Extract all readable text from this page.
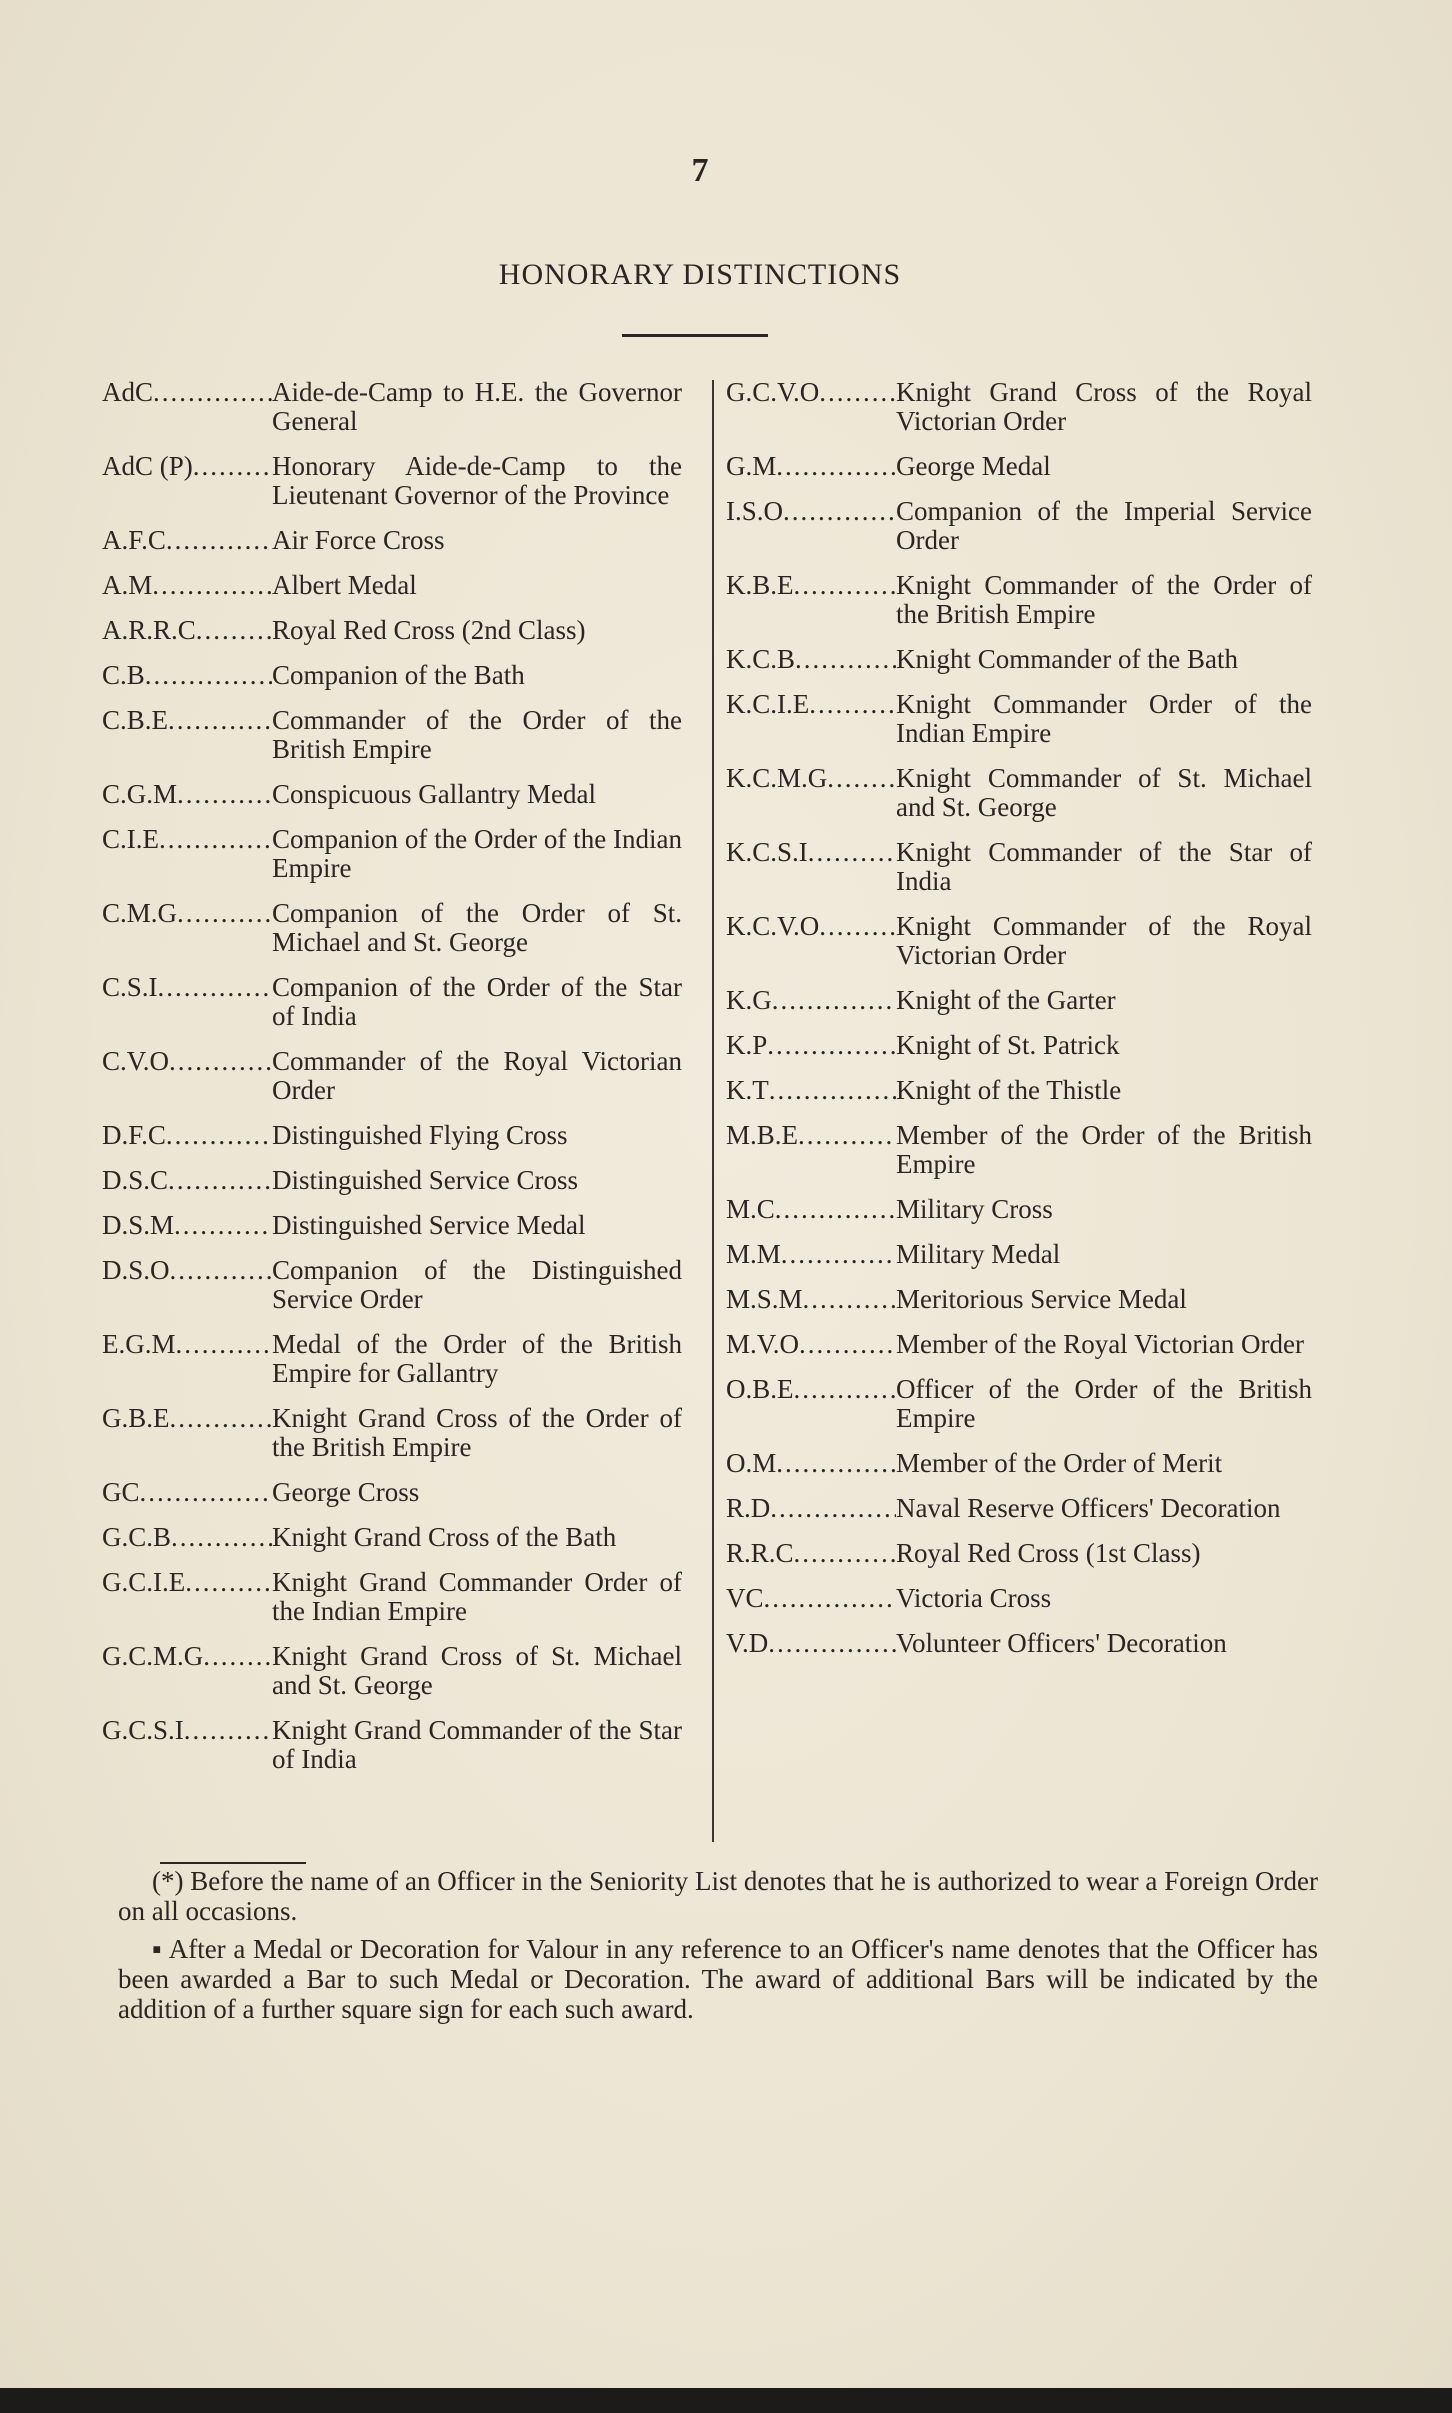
7
HONORARY DISTINCTIONS
AdC .....	Aide-de-Camp to H.E. the Governor General
AdC (P) .....	Honorary Aide-de-Camp to the Lieutenant Governor of the Province
A.F.C .....	Air Force Cross
A.M .....	Albert Medal
A.R.R.C .....	Royal Red Cross (2nd Class)
C.B .....	Companion of the Bath
C.B.E .....	Commander of the Order of the British Empire
C.G.M .....	Conspicuous Gallantry Medal
C.I.E .....	Companion of the Order of the Indian Empire
C.M.G .....	Companion of the Order of St. Michael and St. George
C.S.I .....	Companion of the Order of the Star of India
C.V.O .....	Commander of the Royal Victorian Order
D.F.C .....	Distinguished Flying Cross
D.S.C .....	Distinguished Service Cross
D.S.M .....	Distinguished Service Medal
D.S.O .....	Companion of the Distinguished Service Order
E.G.M .....	Medal of the Order of the British Empire for Gallantry
G.B.E .....	Knight Grand Cross of the Order of the British Empire
GC .....	George Cross
G.C.B .....	Knight Grand Cross of the Bath
G.C.I.E .....	Knight Grand Commander Order of the Indian Empire
G.C.M.G .....	Knight Grand Cross of St. Michael and St. George
G.C.S.I .....	Knight Grand Commander of the Star of India
G.C.V.O .....	Knight Grand Cross of the Royal Victorian Order
G.M .....	George Medal
I.S.O .....	Companion of the Imperial Service Order
K.B.E .....	Knight Commander of the Order of the British Empire
K.C.B .....	Knight Commander of the Bath
K.C.I.E .....	Knight Commander Order of the Indian Empire
K.C.M.G .....	Knight Commander of St. Michael and St. George
K.C.S.I .....	Knight Commander of the Star of India
K.C.V.O .....	Knight Commander of the Royal Victorian Order
K.G .....	Knight of the Garter
K.P .....	Knight of St. Patrick
K.T .....	Knight of the Thistle
M.B.E .....	Member of the Order of the British Empire
M.C .....	Military Cross
M.M .....	Military Medal
M.S.M .....	Meritorious Service Medal
M.V.O .....	Member of the Royal Victorian Order
O.B.E .....	Officer of the Order of the British Empire
O.M .....	Member of the Order of Merit
R.D .....	Naval Reserve Officers' Decoration
R.R.C .....	Royal Red Cross (1st Class)
VC .....	Victoria Cross
V.D .....	Volunteer Officers' Decoration

(*) Before the name of an Officer in the Seniority List denotes that he is authorized to wear a Foreign Order on all occasions.

▪ After a Medal or Decoration for Valour in any reference to an Officer's name denotes that the Officer has been awarded a Bar to such Medal or Decoration. The award of additional Bars will be indicated by the addition of a further square sign for each such award.
